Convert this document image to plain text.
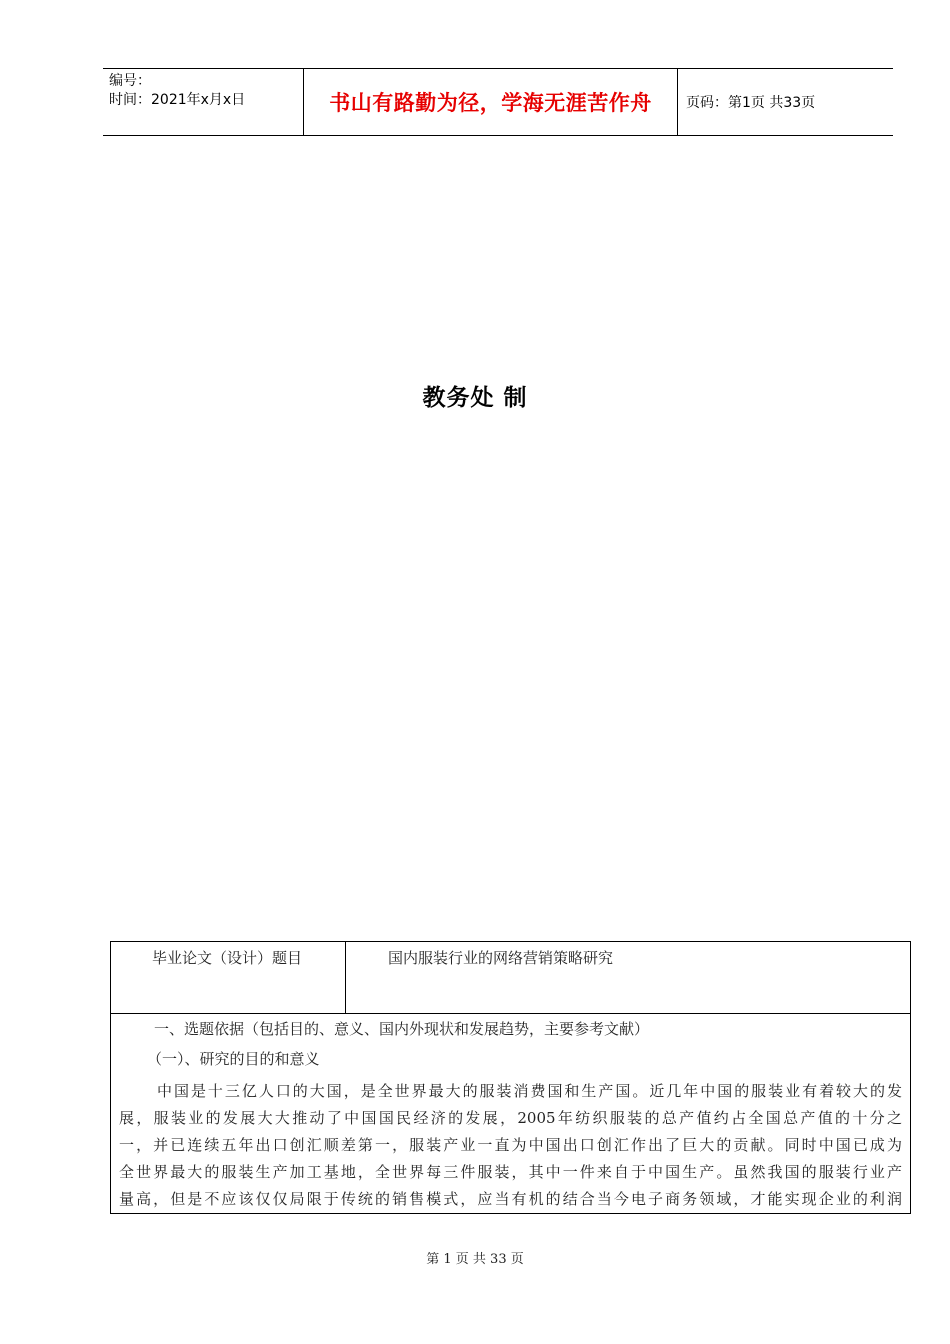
编号：
时间：2021年x月x日	书山有路勤为径，学海无涯苦作舟	页码：第1页 共33页
教务处 制
毕业论文（设计）题目	国内服装行业的网络营销策略研究

一、选题依据（包括目的、意义、国内外现状和发展趋势，主要参考文献）

（一）、研究的目的和意义

中国是十三亿人口的大国，是全世界最大的服装消费国和生产国。近几年中国的服装业有着较大的发
展，服装业的发展大大推动了中国国民经济的发展，2005年纺织服装的总产值约占全国总产值的十分之
一，并已连续五年出口创汇顺差第一，服装产业一直为中国出口创汇作出了巨大的贡献。同时中国已成为
全世界最大的服装生产加工基地，全世界每三件服装，其中一件来自于中国生产。虽然我国的服装行业产
量高，但是不应该仅仅局限于传统的销售模式，应当有机的结合当今电子商务领域，才能实现企业的利润
第 1 页 共 33 页
